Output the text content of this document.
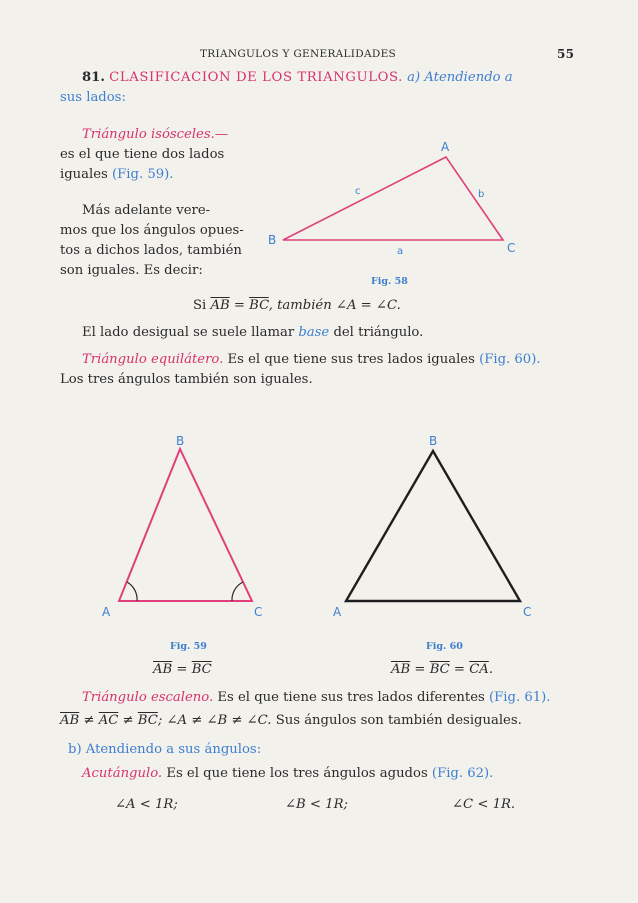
TRIANGULOS Y GENERALIDADES	55
81. CLASIFICACION DE LOS TRIANGULOS. a) Atendiendo a
sus lados:
Triángulo isósceles.—
es el que tiene dos lados
iguales (Fig. 59).
Más adelante vere-
mos que los ángulos opues-
tos a dichos lados, también
son iguales. Es decir:
A
B
C
a
b
c
Fig. 58
Si $\overline{AB} = \overline{BC}$, también ∠A = ∠C.
El lado desigual se suele llamar base del triángulo.
Triángulo equilátero. Es el que tiene sus tres lados iguales (Fig. 60).
Los tres ángulos también son iguales.
B
A	C
B
A	C
Fig. 59
$\overline{AB} = \overline{BC}$
Fig. 60
$\overline{AB} = \overline{BC} = \overline{CA}$.
Triángulo escaleno. Es el que tiene sus tres lados diferentes (Fig. 61).
$\overline{AB} \ne \overline{AC} \ne \overline{BC}$; ∠A ≠ ∠B ≠ ∠C. Sus ángulos son también desiguales.
b) Atendiendo a sus ángulos:
Acutángulo. Es el que tiene los tres ángulos agudos (Fig. 62).
∠A < 1R;	∠B < 1R;	∠C < 1R.
